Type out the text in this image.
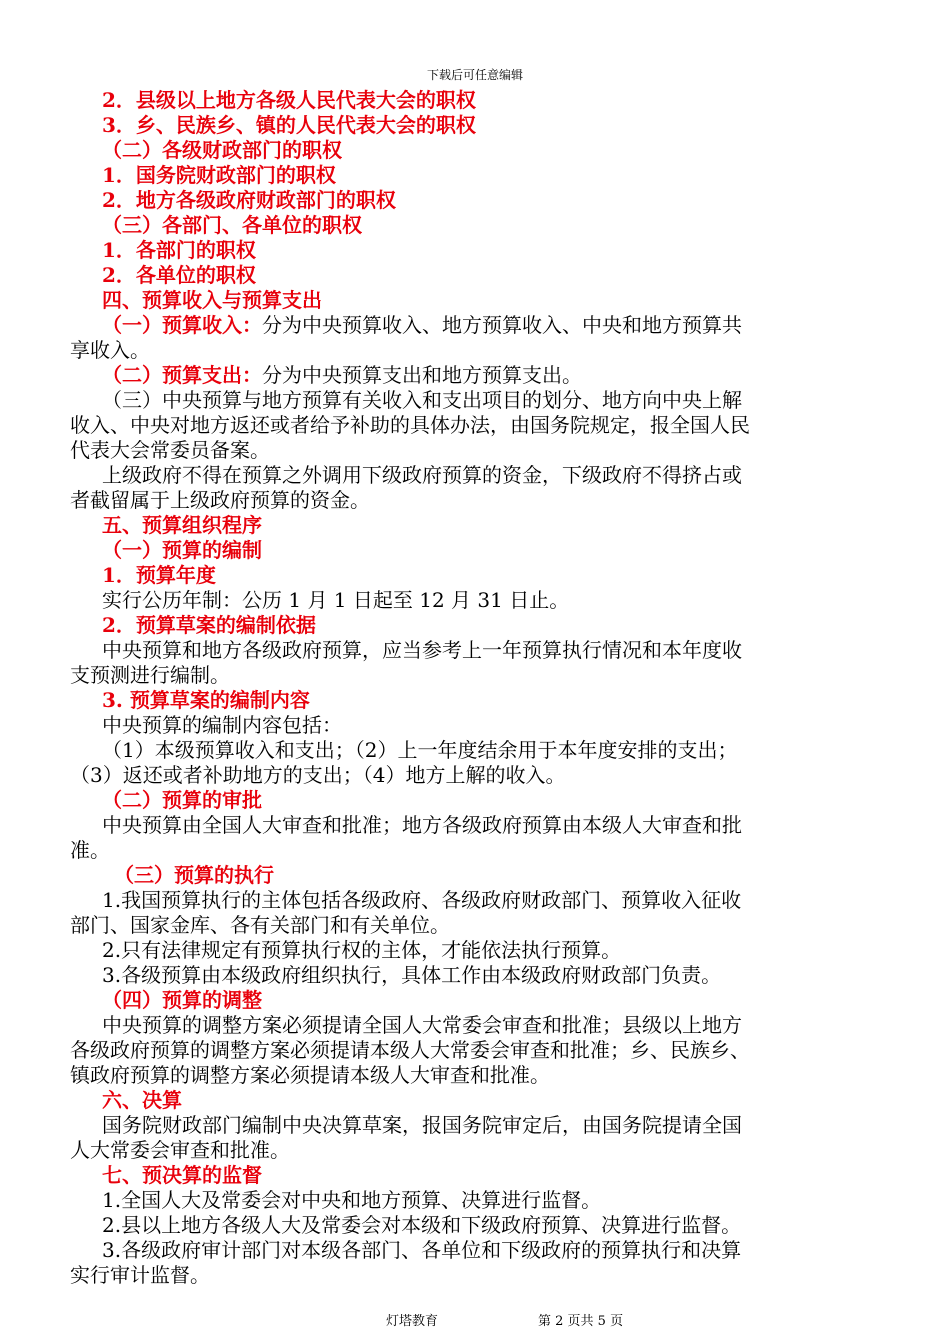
下载后可任意编辑
2．县级以上地方各级人民代表大会的职权
3．乡、民族乡、镇的人民代表大会的职权
（二）各级财政部门的职权
1．国务院财政部门的职权
2．地方各级政府财政部门的职权
（三）各部门、各单位的职权
1．各部门的职权
2．各单位的职权
四、预算收入与预算支出
（一）预算收入：分为中央预算收入、地方预算收入、中央和地方预算共
享收入。
（二）预算支出：分为中央预算支出和地方预算支出。
（三）中央预算与地方预算有关收入和支出项目的划分、地方向中央上解
收入、中央对地方返还或者给予补助的具体办法，由国务院规定，报全国人民
代表大会常委员备案。
上级政府不得在预算之外调用下级政府预算的资金，下级政府不得挤占或
者截留属于上级政府预算的资金。
五、预算组织程序
（一）预算的编制
1．预算年度
实行公历年制：公历 1 月 1 日起至 12 月 31 日止。
2．预算草案的编制依据
中央预算和地方各级政府预算，应当参考上一年预算执行情况和本年度收
支预测进行编制。
3. 预算草案的编制内容
中央预算的编制内容包括：
（1）本级预算收入和支出；（2）上一年度结余用于本年度安排的支出；
（3）返还或者补助地方的支出；（4）地方上解的收入。
（二）预算的审批
中央预算由全国人大审查和批准；地方各级政府预算由本级人大审查和批
准。
（三）预算的执行
1.我国预算执行的主体包括各级政府、各级政府财政部门、预算收入征收
部门、国家金库、各有关部门和有关单位。
2.只有法律规定有预算执行权的主体，才能依法执行预算。
3.各级预算由本级政府组织执行，具体工作由本级政府财政部门负责。
（四）预算的调整
中央预算的调整方案必须提请全国人大常委会审查和批准；县级以上地方
各级政府预算的调整方案必须提请本级人大常委会审查和批准；乡、民族乡、
镇政府预算的调整方案必须提请本级人大审查和批准。
六、决算
国务院财政部门编制中央决算草案，报国务院审定后，由国务院提请全国
人大常委会审查和批准。
七、预决算的监督
1.全国人大及常委会对中央和地方预算、决算进行监督。
2.县以上地方各级人大及常委会对本级和下级政府预算、决算进行监督。
3.各级政府审计部门对本级各部门、各单位和下级政府的预算执行和决算
实行审计监督。
灯塔教育	第 2 页共 5 页
